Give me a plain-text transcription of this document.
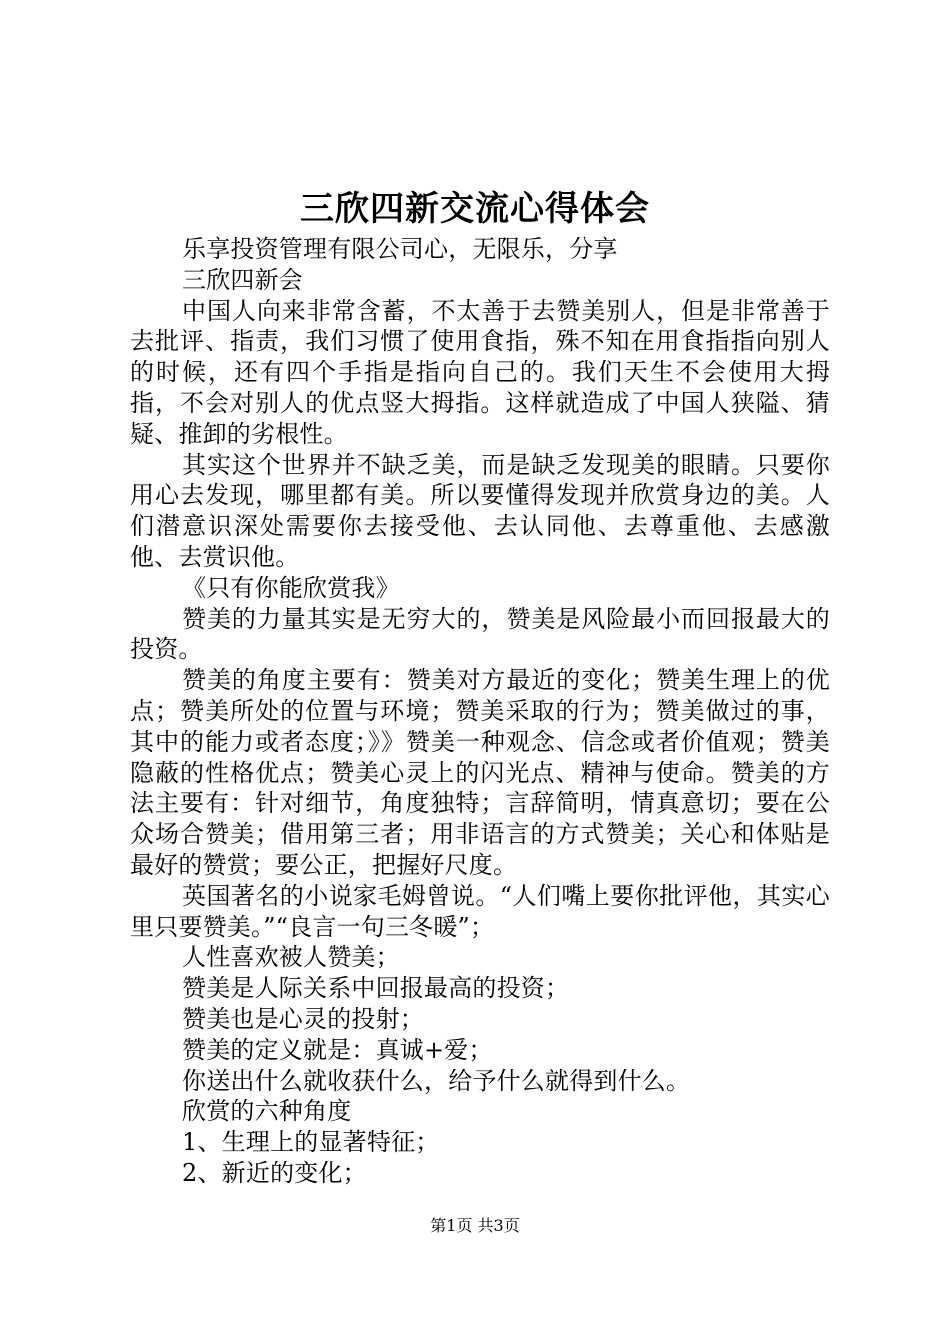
三欣四新交流心得体会

乐享投资管理有限公司心，无限乐，分享

三欣四新会

中国人向来非常含蓄，不太善于去赞美别人，但是非常善于去批评、指责，我们习惯了使用食指，殊不知在用食指指向别人的时候，还有四个手指是指向自己的。我们天生不会使用大拇指，不会对别人的优点竖大拇指。这样就造成了中国人狭隘、猜疑、推卸的劣根性。

其实这个世界并不缺乏美，而是缺乏发现美的眼睛。只要你用心去发现，哪里都有美。所以要懂得发现并欣赏身边的美。人们潜意识深处需要你去接受他、去认同他、去尊重他、去感激他、去赏识他。

《只有你能欣赏我》

赞美的力量其实是无穷大的，赞美是风险最小而回报最大的投资。

赞美的角度主要有：赞美对方最近的变化；赞美生理上的优点；赞美所处的位置与环境；赞美采取的行为；赞美做过的事，其中的能力或者态度；》》赞美一种观念、信念或者价值观；赞美隐蔽的性格优点；赞美心灵上的闪光点、精神与使命。赞美的方法主要有：针对细节，角度独特；言辞简明，情真意切；要在公众场合赞美；借用第三者；用非语言的方式赞美；关心和体贴是最好的赞赏；要公正，把握好尺度。

英国著名的小说家毛姆曾说。“人们嘴上要你批评他，其实心里只要赞美。”“良言一句三冬暖”；

人性喜欢被人赞美；

赞美是人际关系中回报最高的投资；

赞美也是心灵的投射；

赞美的定义就是：真诚+爱；

你送出什么就收获什么，给予什么就得到什么。

欣赏的六种角度

1、生理上的显著特征；

2、新近的变化；

第1页 共3页
